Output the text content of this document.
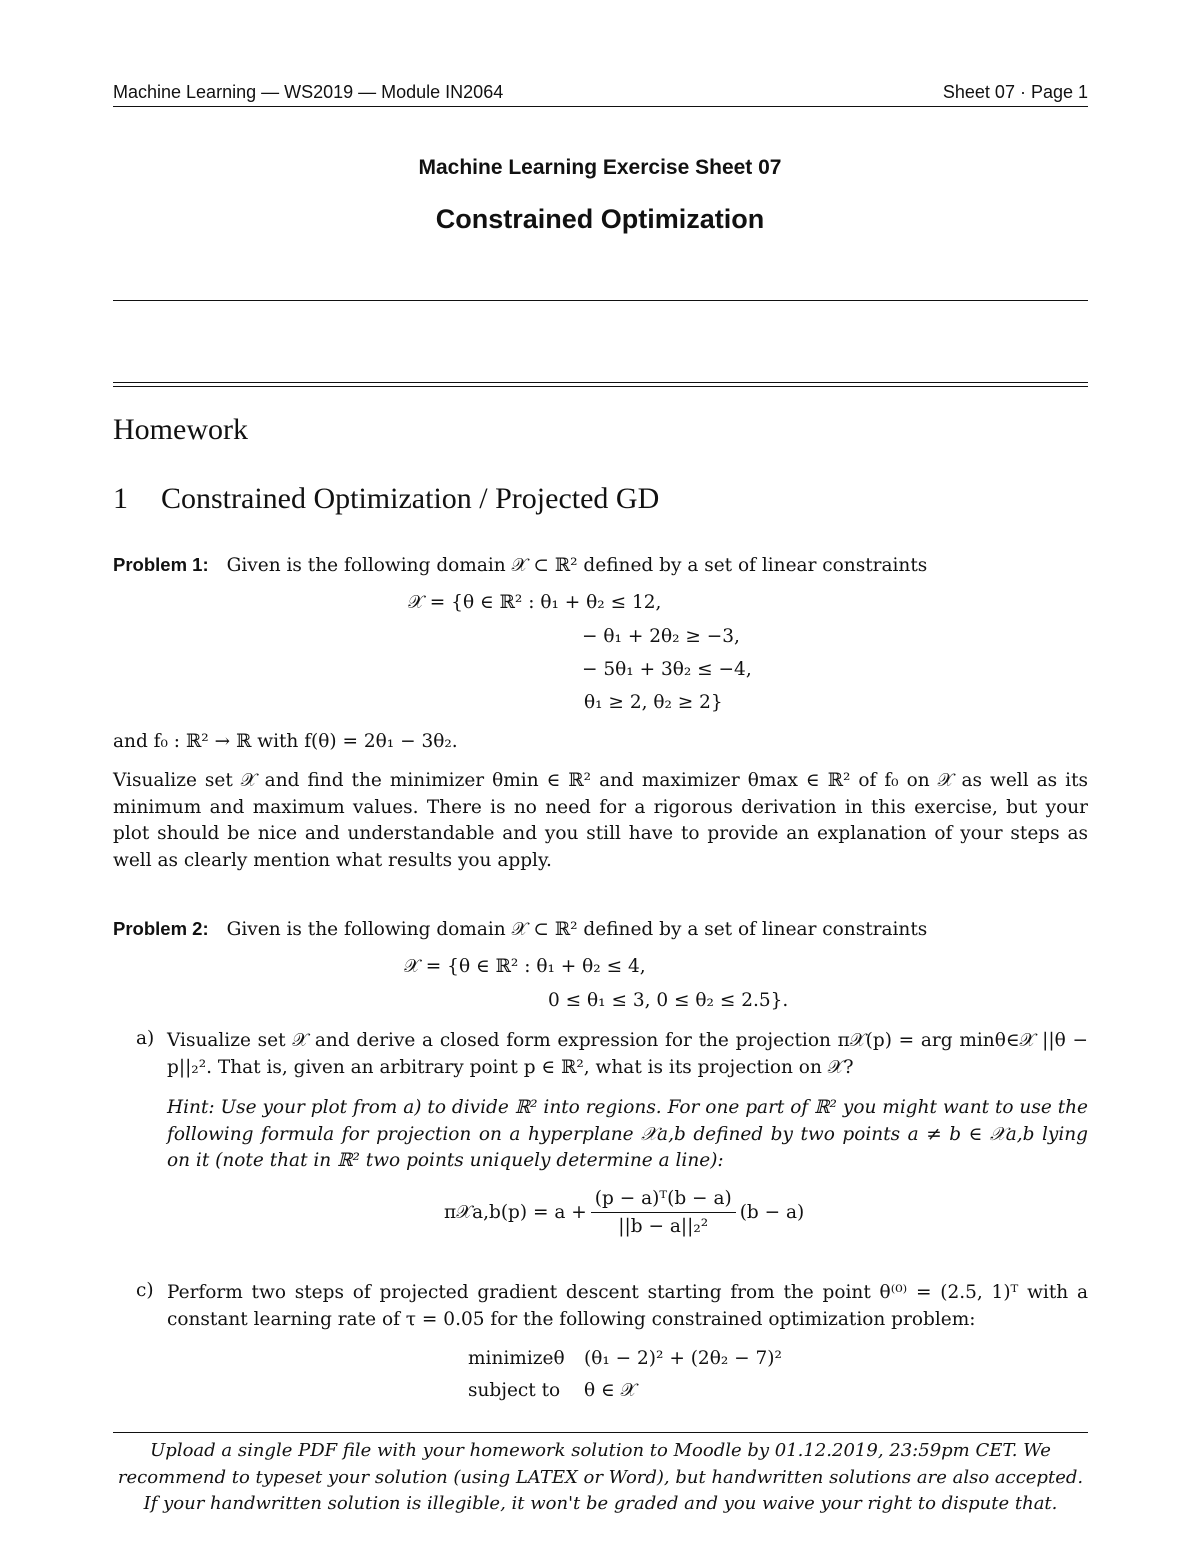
Machine Learning — WS2019 — Module IN2064	Sheet 07 · Page 1
Machine Learning Exercise Sheet 07
Constrained Optimization
Homework
1 Constrained Optimization / Projected GD
Problem 1: Given is the following domain 𝒳 ⊂ ℝ² defined by a set of linear constraints
𝒳 = {θ ∈ ℝ² : θ₁ + θ₂ ≤ 12,
− θ₁ + 2θ₂ ≥ −3,
− 5θ₁ + 3θ₂ ≤ −4,
θ₁ ≥ 2, θ₂ ≥ 2}
and f₀ : ℝ² → ℝ with f(θ) = 2θ₁ − 3θ₂.
Visualize set 𝒳 and find the minimizer θmin ∈ ℝ² and maximizer θmax ∈ ℝ² of f₀ on 𝒳 as well as its minimum and maximum values. There is no need for a rigorous derivation in this exercise, but your plot should be nice and understandable and you still have to provide an explanation of your steps as well as clearly mention what results you apply.
Problem 2: Given is the following domain 𝒳 ⊂ ℝ² defined by a set of linear constraints
𝒳 = {θ ∈ ℝ² : θ₁ + θ₂ ≤ 4,
0 ≤ θ₁ ≤ 3, 0 ≤ θ₂ ≤ 2.5}.
a) Visualize set 𝒳 and derive a closed form expression for the projection π𝒳(p) = arg minθ∈𝒳 ||θ − p||₂². That is, given an arbitrary point p ∈ ℝ², what is its projection on 𝒳?
Hint: Use your plot from a) to divide ℝ² into regions. For one part of ℝ² you might want to use the following formula for projection on a hyperplane 𝒳a,b defined by two points a ≠ b ∈ 𝒳a,b lying on it (note that in ℝ² two points uniquely determine a line):
π𝒳a,b(p) = $a + \frac{\text{(p − a)ᵀ(b − a)}}{\text{||b − a||₂²}} (b - a)$
c) Perform two steps of projected gradient descent starting from the point θ⁽⁰⁾ = (2.5, 1)ᵀ with a constant learning rate of τ = 0.05 for the following constrained optimization problem:
minimizeθ (θ₁ − 2)² + (2θ₂ − 7)²
subject to θ ∈ 𝒳
Upload a single PDF file with your homework solution to Moodle by 01.12.2019, 23:59pm CET. We recommend to typeset your solution (using LATEX or Word), but handwritten solutions are also accepted. If your handwritten solution is illegible, it won't be graded and you waive your right to dispute that.
